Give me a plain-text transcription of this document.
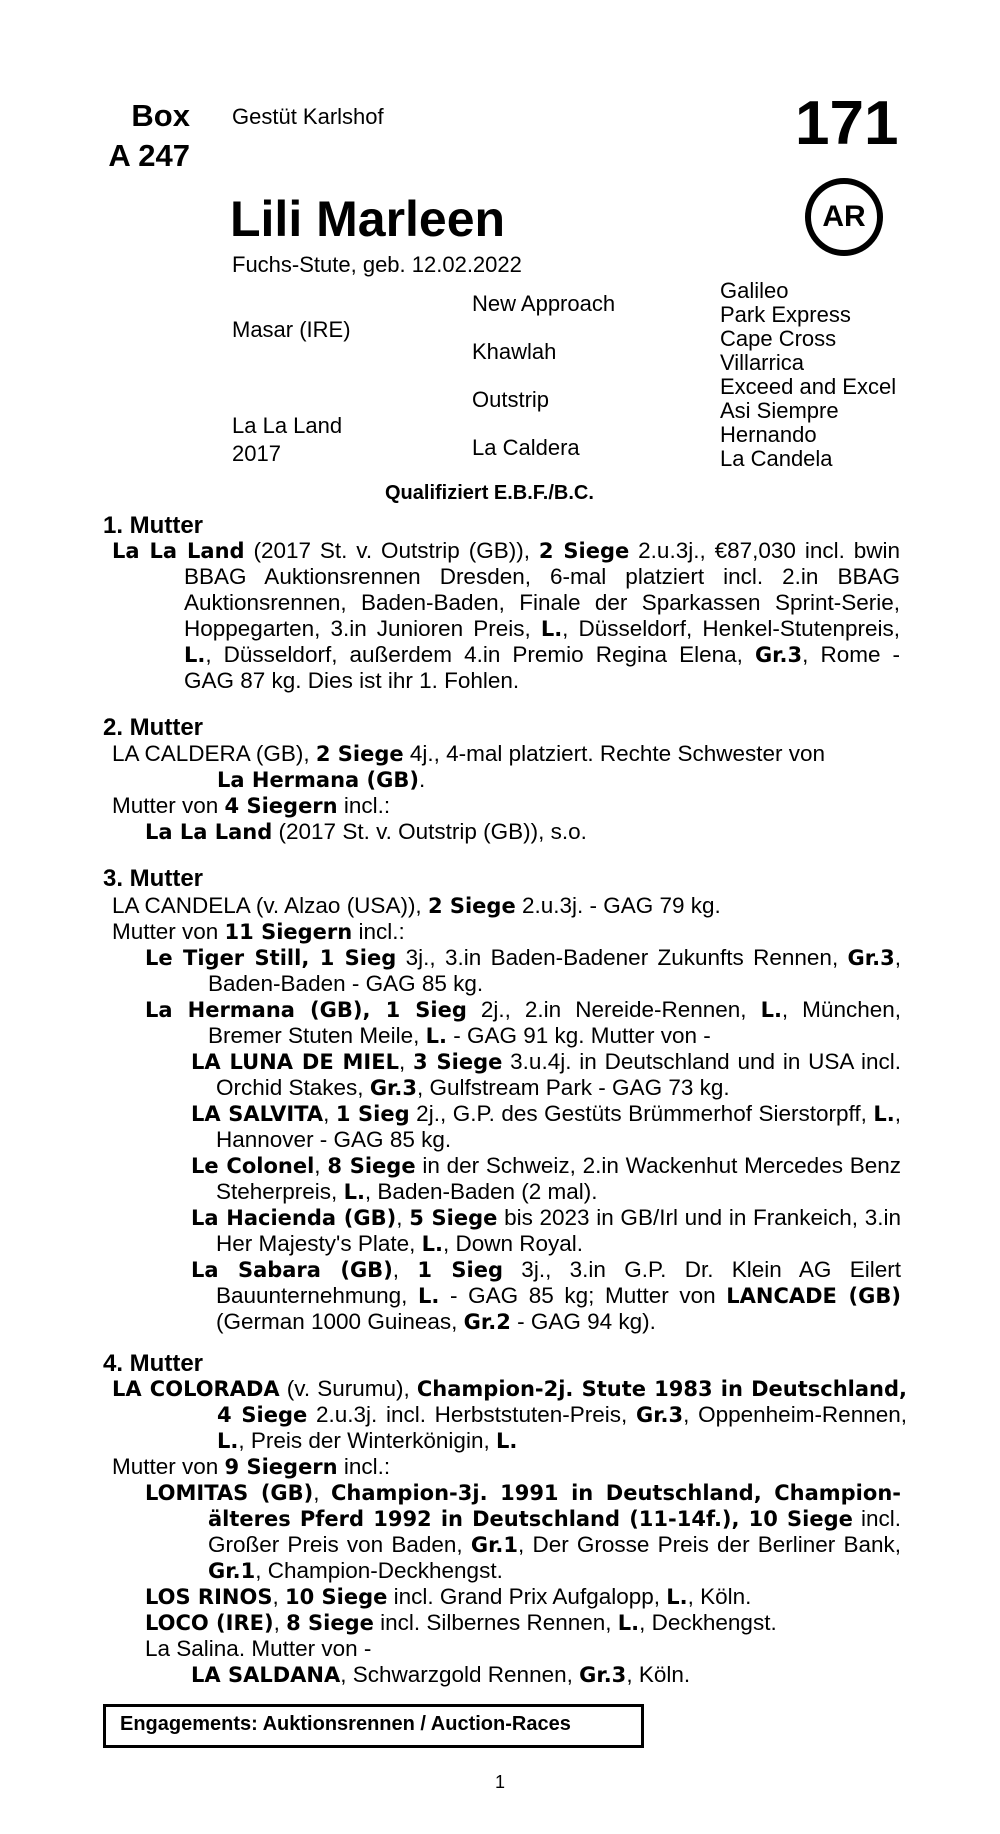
Box
A 247
Gestüt Karlshof	171
AR
Lili Marleen
Fuchs-Stute, geb. 12.02.2022
Masar (IRE)
La La Land
2017
New Approach
Khawlah
Outstrip
La Caldera
Galileo
Park Express
Cape Cross
Villarrica
Exceed and Excel
Asi Siempre
Hernando
La Candela
Qualifiziert E.B.F./B.C.
1. Mutter
La La Land (2017 St. v. Outstrip (GB)), 2 Siege 2.u.3j., €87,030 incl. bwin BBAG Auktionsrennen Dresden, 6-mal platziert incl. 2.in BBAG Auktionsrennen, Baden-Baden, Finale der Sparkassen Sprint-Serie, Hoppegarten, 3.in Junioren Preis, L., Düsseldorf, Henkel-Stutenpreis, L., Düsseldorf, außerdem 4.in Premio Regina Elena, Gr.3, Rome - GAG 87 kg. Dies ist ihr 1. Fohlen.
2. Mutter
LA CALDERA (GB), 2 Siege 4j., 4-mal platziert. Rechte Schwester von
La Hermana (GB).
Mutter von 4 Siegern incl.:
La La Land (2017 St. v. Outstrip (GB)), s.o.
3. Mutter
LA CANDELA (v. Alzao (USA)), 2 Siege 2.u.3j. - GAG 79 kg.
Mutter von 11 Siegern incl.:
Le Tiger Still, 1 Sieg 3j., 3.in Baden-Badener Zukunfts Rennen, Gr.3, Baden-Baden - GAG 85 kg.
La Hermana (GB), 1 Sieg 2j., 2.in Nereide-Rennen, L., München, Bremer Stuten Meile, L. - GAG 91 kg. Mutter von -
LA LUNA DE MIEL, 3 Siege 3.u.4j. in Deutschland und in USA incl. Orchid Stakes, Gr.3, Gulfstream Park - GAG 73 kg.
LA SALVITA, 1 Sieg 2j., G.P. des Gestüts Brümmerhof Sierstorpff, L., Hannover - GAG 85 kg.
Le Colonel, 8 Siege in der Schweiz, 2.in Wackenhut Mercedes Benz Steherpreis, L., Baden-Baden (2 mal).
La Hacienda (GB), 5 Siege bis 2023 in GB/Irl und in Frankeich, 3.in Her Majesty's Plate, L., Down Royal.
La Sabara (GB), 1 Sieg 3j., 3.in G.P. Dr. Klein AG Eilert Bauunternehmung, L. - GAG 85 kg; Mutter von LANCADE (GB) (German 1000 Guineas, Gr.2 - GAG 94 kg).
4. Mutter
LA COLORADA (v. Surumu), Champion-2j. Stute 1983 in Deutschland, 4 Siege 2.u.3j. incl. Herbststuten-Preis, Gr.3, Oppenheim-Rennen, L., Preis der Winterkönigin, L.
Mutter von 9 Siegern incl.:
LOMITAS (GB), Champion-3j. 1991 in Deutschland, Champion-älteres Pferd 1992 in Deutschland (11-14f.), 10 Siege incl. Großer Preis von Baden, Gr.1, Der Grosse Preis der Berliner Bank, Gr.1, Champion-Deckhengst.
LOS RINOS, 10 Siege incl. Grand Prix Aufgalopp, L., Köln.
LOCO (IRE), 8 Siege incl. Silbernes Rennen, L., Deckhengst.
La Salina. Mutter von -
LA SALDANA, Schwarzgold Rennen, Gr.3, Köln.
Engagements: Auktionsrennen / Auction-Races
1
